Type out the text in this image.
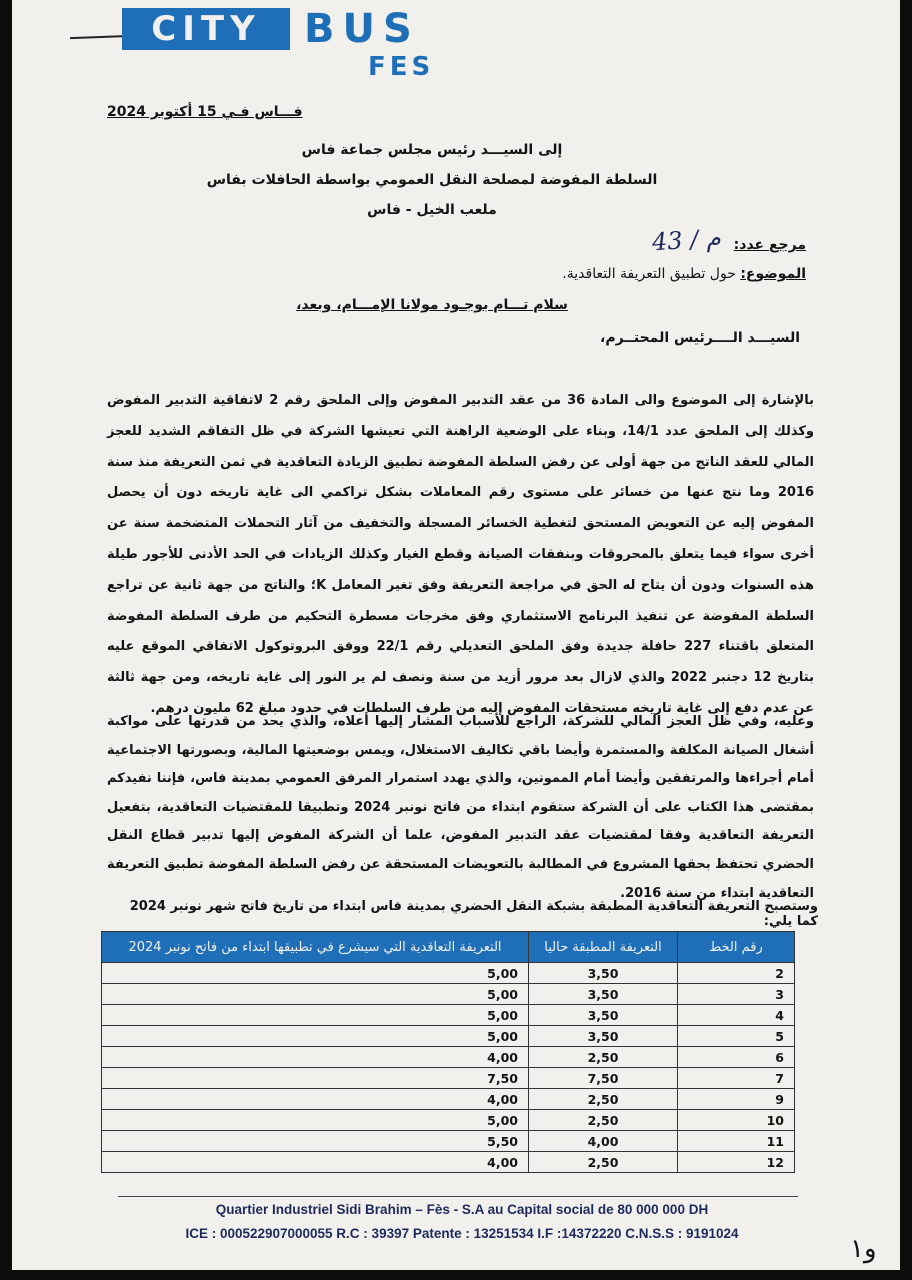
CITY	BUS
FES
فـــاس فـي 15 أكتوبر 2024
إلى السيـــد رئيس مجلس جماعة فاس
السلطة المفوضة لمصلحة النقل العمومي بواسطة الحافلات بفاس
ملعب الخيل - فاس
مرجع عدد:
43 / م
الموضوع: حول تطبيق التعريفة التعاقدية.
سلام تـــام بوجـود مولانا الإمـــام، وبعد،
السيـــد الــــرئيس المحتــرم،
بالإشارة إلى الموضوع والى المادة 36 من عقد التدبير المفوض وإلى الملحق رقم 2 لاتفاقية التدبير المفوض وكذلك إلى الملحق عدد 14/1، وبناء على الوضعية الراهنة التي تعيشها الشركة في ظل التفاقم الشديد للعجز المالي للعقد الناتج من جهة أولى عن رفض السلطة المفوضة تطبيق الزيادة التعاقدية في ثمن التعريفة منذ سنة 2016 وما نتج عنها من خسائر على مستوى رقم المعاملات بشكل تراكمي الى غاية تاريخه دون أن يحصل المفوض إليه عن التعويض المستحق لتغطية الخسائر المسجلة والتخفيف من آثار التحملات المتضخمة سنة عن أخرى سواء فيما يتعلق بالمحروقات وبنفقات الصيانة وقطع الغيار وكذلك الزيادات في الحد الأدنى للأجور طيلة هذه السنوات ودون أن يتاح له الحق في مراجعة التعريفة وفق تغير المعامل K؛ والناتج من جهة ثانية عن تراجع السلطة المفوضة عن تنفيذ البرنامج الاستثماري وفق مخرجات مسطرة التحكيم من طرف السلطة المفوضة المتعلق باقتناء 227 حافلة جديدة وفق الملحق التعديلي رقم 22/1 ووفق البروتوكول الاتفاقي الموقع عليه بتاريخ 12 دجنبر 2022 والذي لازال بعد مرور أزيد من سنة ونصف لم ير النور إلى غاية تاريخه، ومن جهة ثالثة عن عدم دفع إلى غاية تاريخه مستحقات المفوض إليه من طرف السلطات في حدود مبلغ 62 مليون درهم.
وعليه، وفي ظل العجز المالي للشركة، الراجع للأسباب المشار إليها أعلاه، والذي يحد من قدرتها على مواكبة أشغال الصيانة المكلفة والمستمرة وأيضا باقي تكاليف الاستغلال، ويمس بوضعيتها المالية، وبصورتها الاجتماعية أمام أجراءها والمرتفقين وأيضا أمام الممونين، والذي يهدد استمرار المرفق العمومي بمدينة فاس، فإننا نفيدكم بمقتضى هذا الكتاب على أن الشركة ستقوم ابتداء من فاتح نونبر 2024 وتطبيقا للمقتضيات التعاقدية، بتفعيل التعريفة التعاقدية وفقا لمقتضيات عقد التدبير المفوض، علما أن الشركة المفوض إليها تدبير قطاع النقل الحضري تحتفظ بحقها المشروع في المطالبة بالتعويضات المستحقة عن رفض السلطة المفوضة تطبيق التعريفة التعاقدية ابتداء من سنة 2016.
وستصبح التعريفة التعاقدية المطبقة بشبكة النقل الحضري بمدينة فاس ابتداء من تاريخ فاتح شهر نونبر 2024 كما يلي:
رقم الخط	التعريفة المطبقة حاليا	التعريفة التعاقدية التي سيشرع في تطبيقها ابتداء من فاتح نونبر 2024
2	3,50	5,00
3	3,50	5,00
4	3,50	5,00
5	3,50	5,00
6	2,50	4,00
7	7,50	7,50
9	2,50	4,00
10	2,50	5,00
11	4,00	5,50
12	2,50	4,00
Quartier Industriel Sidi Brahim – Fès - S.A au Capital social de 80 000 000 DH
ICE : 000522907000055 R.C : 39397 Patente : 13251534 I.F :14372220 C.N.S.S : 9191024
و١
